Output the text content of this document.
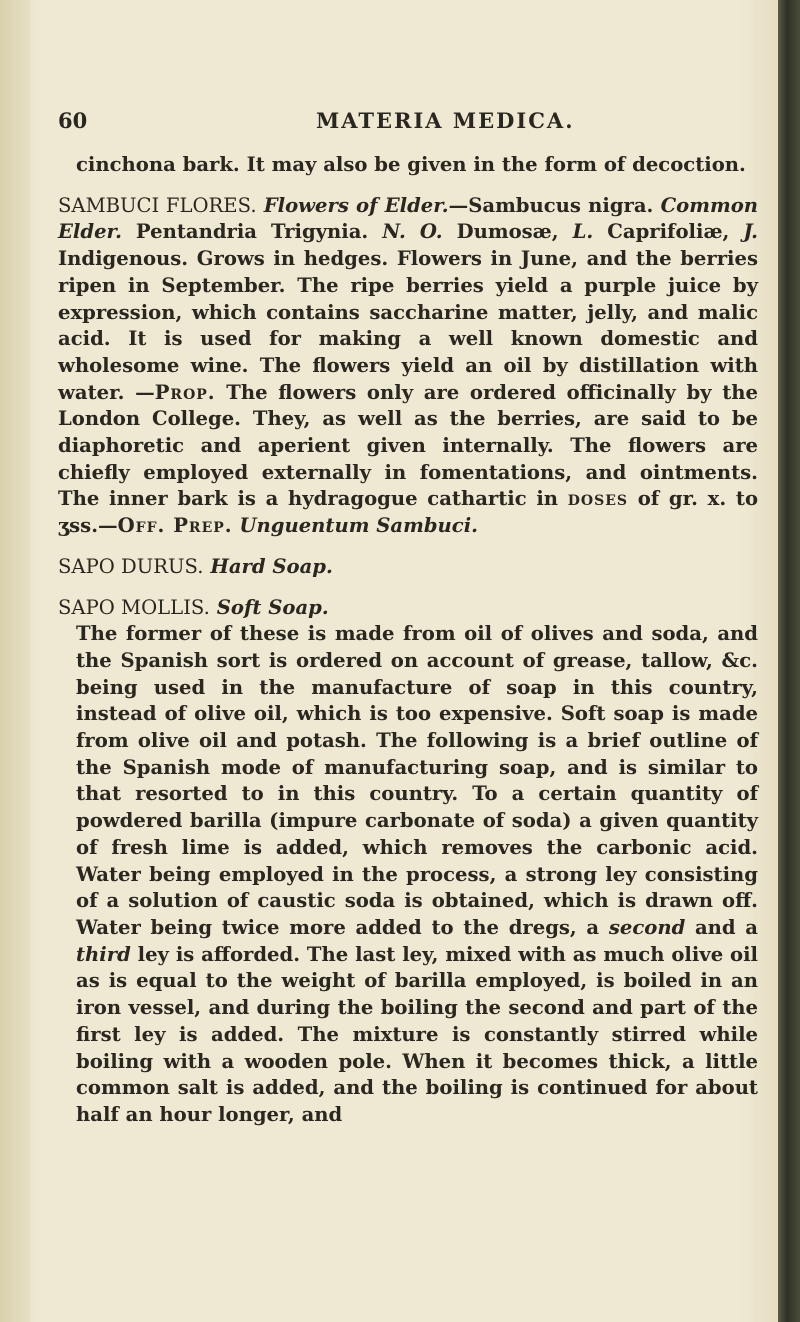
60	MATERIA MEDICA.

cinchona bark. It may also be given in the form of decoction.

SAMBUCI FLORES. Flowers of Elder.—Sambucus nigra. Common Elder. Pentandria Trigynia. N. O. Dumosæ, L. Caprifoliæ, J. Indigenous. Grows in hedges. Flowers in June, and the berries ripen in September. The ripe berries yield a purple juice by expression, which contains saccharine matter, jelly, and malic acid. It is used for making a well known domestic and wholesome wine. The flowers yield an oil by distillation with water. —Prop. The flowers only are ordered officinally by the London College. They, as well as the berries, are said to be diaphoretic and aperient given internally. The flowers are chiefly employed externally in fomentations, and ointments. The inner bark is a hydragogue cathartic in doses of gr. x. to ʒss.—Off. Prep. Unguentum Sambuci.

SAPO DURUS. Hard Soap.

SAPO MOLLIS. Soft Soap.

The former of these is made from oil of olives and soda, and the Spanish sort is ordered on account of grease, tallow, &c. being used in the manufacture of soap in this country, instead of olive oil, which is too expensive. Soft soap is made from olive oil and potash. The following is a brief outline of the Spanish mode of manufacturing soap, and is similar to that resorted to in this country. To a certain quantity of powdered barilla (impure carbonate of soda) a given quantity of fresh lime is added, which removes the carbonic acid. Water being employed in the process, a strong ley consisting of a solution of caustic soda is obtained, which is drawn off. Water being twice more added to the dregs, a second and a third ley is afforded. The last ley, mixed with as much olive oil as is equal to the weight of barilla employed, is boiled in an iron vessel, and during the boiling the second and part of the first ley is added. The mixture is constantly stirred while boiling with a wooden pole. When it becomes thick, a little common salt is added, and the boiling is continued for about half an hour longer, and
